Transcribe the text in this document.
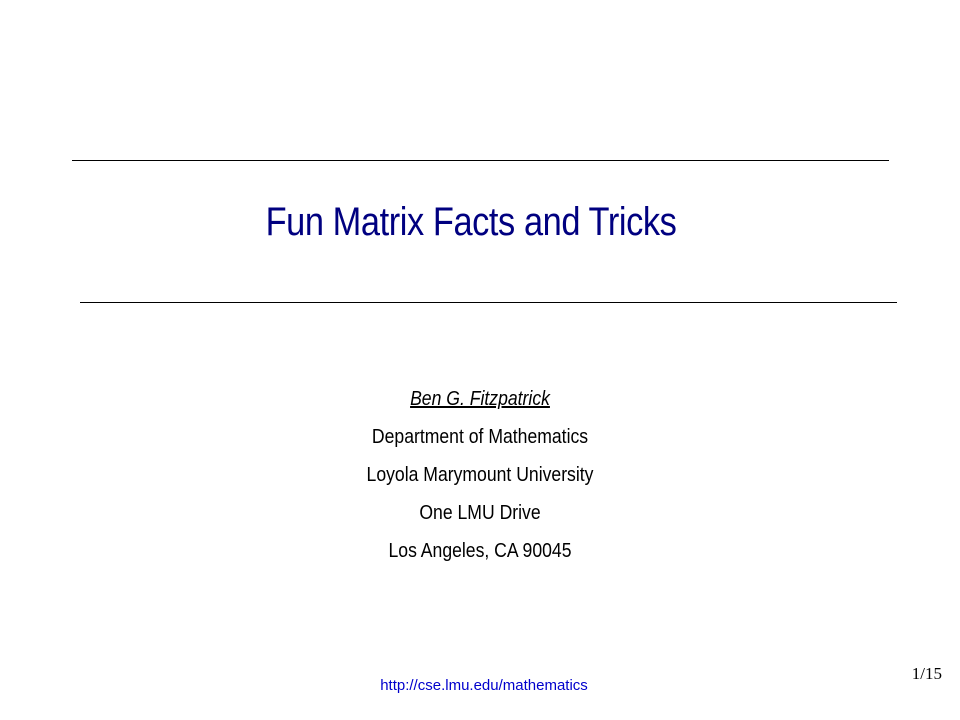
Fun Matrix Facts and Tricks
Ben G. Fitzpatrick
Department of Mathematics
Loyola Marymount University
One LMU Drive
Los Angeles, CA 90045
http://cse.lmu.edu/mathematics
1/15
